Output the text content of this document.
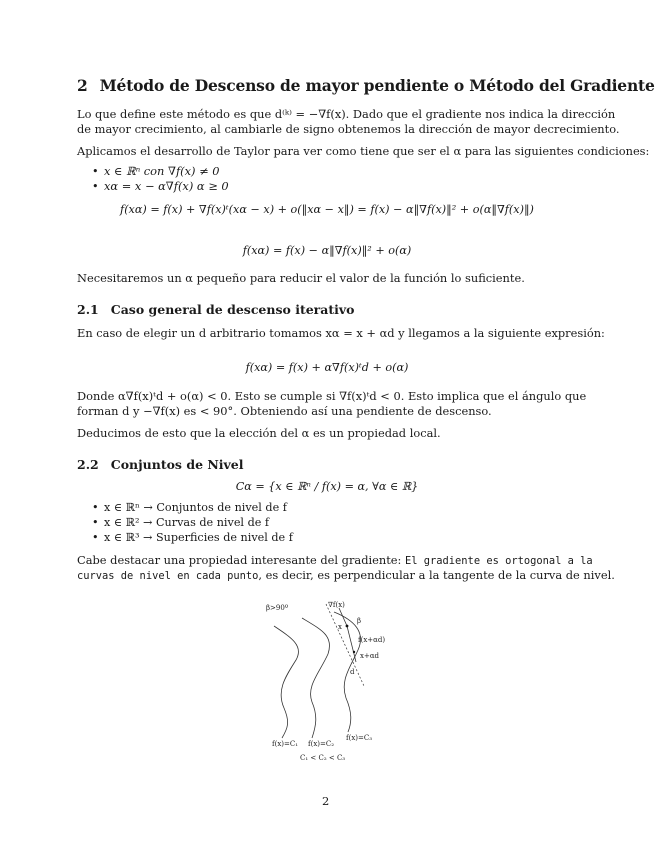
2 Método de Descenso de mayor pendiente o Método del Gradiente
Lo que define este método es que d⁽ᵏ⁾ = −∇f(x). Dado que el gradiente nos indica la dirección
de mayor crecimiento, al cambiarle de signo obtenemos la dirección de mayor decrecimiento.
Aplicamos el desarrollo de Taylor para ver como tiene que ser el α para las siguientes condiciones:
• x ∈ ℝⁿ con ∇f(x) ≠ 0
• xα = x − α∇f(x) α ≥ 0
f(xα) = f(x) + ∇f(x)ᵗ(xα − x) + o(‖xα − x‖) = f(x) − α‖∇f(x)‖² + o(α‖∇f(x)‖)
f(xα) = f(x) − α‖∇f(x)‖² + o(α)
Necesitaremos un α pequeño para reducir el valor de la función lo suficiente.
2.1 Caso general de descenso iterativo
En caso de elegir un d arbitrario tomamos xα = x + αd y llegamos a la siguiente expresión:
f(xα) = f(x) + α∇f(x)ᵗd + o(α)
Donde α∇f(x)ᵗd + o(α) < 0. Esto se cumple si ∇f(x)ᵗd < 0. Esto implica que el ángulo que
forman d y −∇f(x) es < 90°. Obteniendo así una pendiente de descenso.
Deducimos de esto que la elección del α es un propiedad local.
2.2 Conjuntos de Nivel
Cα = {x ∈ ℝⁿ / f(x) = α, ∀α ∈ ℝ}
• x ∈ ℝⁿ → Conjuntos de nivel de f
• x ∈ ℝ² → Curvas de nivel de f
• x ∈ ℝ³ → Superficies de nivel de f
Cabe destacar una propiedad interesante del gradiente: El gradiente es ortogonal a la
curvas de nivel en cada punto, es decir, es perpendicular a la tangente de la curva de nivel.
β>90º	∇f(x)
x
β
f(x+αd)
x+αd
d
f(x)=C₁ f(x)=C₂
f(x)=C₃
C₁ < C₂ < C₃
2
